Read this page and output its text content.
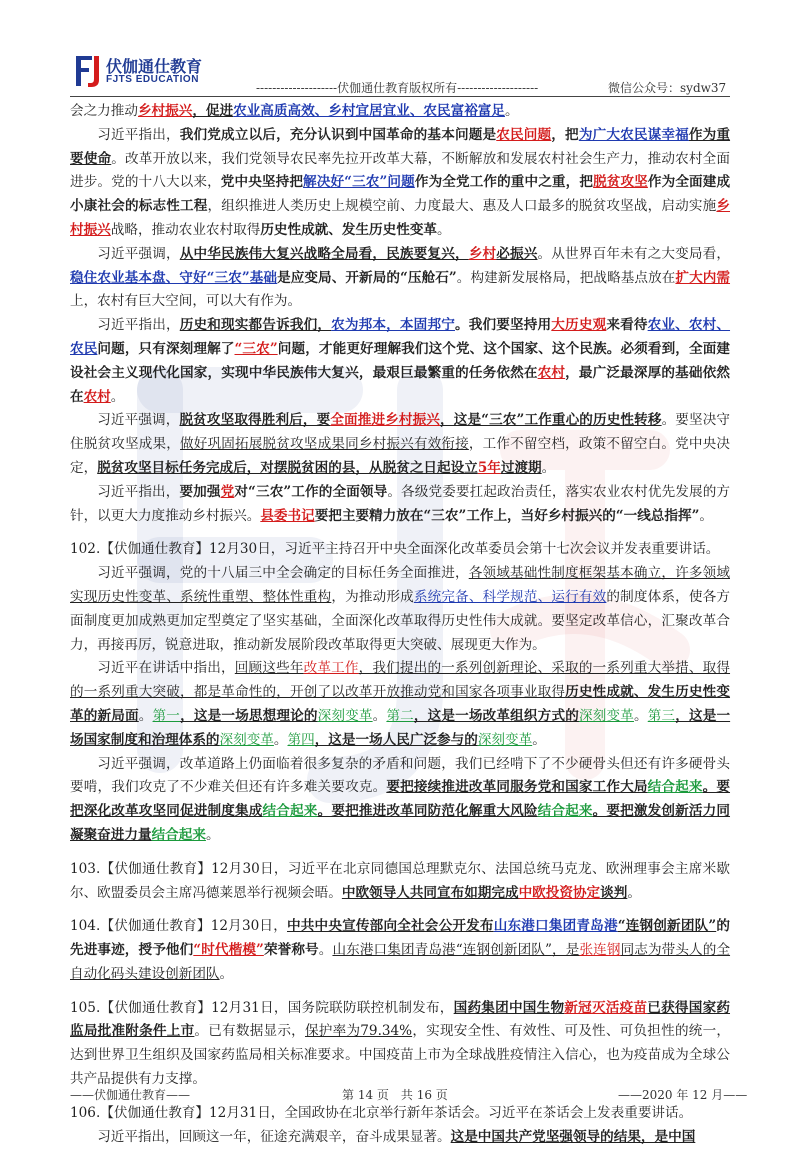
伏伽通仕教育
FJTS EDUCATION
--------------------伏伽通仕教育版权所有--------------------	微信公众号：sydw37

会之力推动乡村振兴，促进农业高质高效、乡村宜居宜业、农民富裕富足。

习近平指出，我们党成立以后，充分认识到中国革命的基本问题是农民问题，把为广大农民谋幸福作为重要使命。改革开放以来，我们党领导农民率先拉开改革大幕，不断解放和发展农村社会生产力，推动农村全面进步。党的十八大以来，党中央坚持把解决好“三农”问题作为全党工作的重中之重，把脱贫攻坚作为全面建成小康社会的标志性工程，组织推进人类历史上规模空前、力度最大、惠及人口最多的脱贫攻坚战，启动实施乡村振兴战略，推动农业农村取得历史性成就、发生历史性变革。

习近平强调，从中华民族伟大复兴战略全局看，民族要复兴，乡村必振兴。从世界百年未有之大变局看，稳住农业基本盘、守好“三农”基础是应变局、开新局的“压舱石”。构建新发展格局，把战略基点放在扩大内需上，农村有巨大空间，可以大有作为。

习近平指出，历史和现实都告诉我们，农为邦本，本固邦宁。我们要坚持用大历史观来看待农业、农村、农民问题，只有深刻理解了“三农”问题，才能更好理解我们这个党、这个国家、这个民族。必须看到，全面建设社会主义现代化国家，实现中华民族伟大复兴，最艰巨最繁重的任务依然在农村，最广泛最深厚的基础依然在农村。

习近平强调，脱贫攻坚取得胜利后，要全面推进乡村振兴，这是“三农”工作重心的历史性转移。要坚决守住脱贫攻坚成果，做好巩固拓展脱贫攻坚成果同乡村振兴有效衔接，工作不留空档，政策不留空白。党中央决定，脱贫攻坚目标任务完成后，对摆脱贫困的县，从脱贫之日起设立5年过渡期。

习近平指出，要加强党对“三农”工作的全面领导。各级党委要扛起政治责任，落实农业农村优先发展的方针，以更大力度推动乡村振兴。县委书记要把主要精力放在“三农”工作上，当好乡村振兴的“一线总指挥”。

102.【伏伽通仕教育】12月30日，习近平主持召开中央全面深化改革委员会第十七次会议并发表重要讲话。

习近平强调，党的十八届三中全会确定的目标任务全面推进，各领域基础性制度框架基本确立，许多领域实现历史性变革、系统性重塑、整体性重构，为推动形成系统完备、科学规范、运行有效的制度体系，使各方面制度更加成熟更加定型奠定了坚实基础，全面深化改革取得历史性伟大成就。要坚定改革信心，汇聚改革合力，再接再厉，锐意进取，推动新发展阶段改革取得更大突破、展现更大作为。

习近平在讲话中指出，回顾这些年改革工作，我们提出的一系列创新理论、采取的一系列重大举措、取得的一系列重大突破，都是革命性的，开创了以改革开放推动党和国家各项事业取得历史性成就、发生历史性变革的新局面。第一，这是一场思想理论的深刻变革。第二，这是一场改革组织方式的深刻变革。第三，这是一场国家制度和治理体系的深刻变革。第四，这是一场人民广泛参与的深刻变革。

习近平强调，改革道路上仍面临着很多复杂的矛盾和问题，我们已经啃下了不少硬骨头但还有许多硬骨头要啃，我们攻克了不少难关但还有许多难关要攻克。要把接续推进改革同服务党和国家工作大局结合起来。要把深化改革攻坚同促进制度集成结合起来。要把推进改革同防范化解重大风险结合起来。要把激发创新活力同凝聚奋进力量结合起来。

103.【伏伽通仕教育】12月30日，习近平在北京同德国总理默克尔、法国总统马克龙、欧洲理事会主席米歇尔、欧盟委员会主席冯德莱恩举行视频会晤。中欧领导人共同宣布如期完成中欧投资协定谈判。

104.【伏伽通仕教育】12月30日，中共中央宣传部向全社会公开发布山东港口集团青岛港“连钢创新团队”的先进事迹，授予他们“时代楷模”荣誉称号。山东港口集团青岛港“连钢创新团队”，是张连钢同志为带头人的全自动化码头建设创新团队。

105.【伏伽通仕教育】12月31日，国务院联防联控机制发布，国药集团中国生物新冠灭活疫苗已获得国家药监局批准附条件上市。已有数据显示，保护率为79.34%，实现安全性、有效性、可及性、可负担性的统一，达到世界卫生组织及国家药监局相关标准要求。中国疫苗上市为全球战胜疫情注入信心，也为疫苗成为全球公共产品提供有力支撑。

106.【伏伽通仕教育】12月31日，全国政协在北京举行新年茶话会。习近平在茶话会上发表重要讲话。

习近平指出，回顾这一年，征途充满艰辛，奋斗成果显著。这是中国共产党坚强领导的结果，是中国

——伏伽通仕教育——	第 14 页　共 16 页	——2020 年 12 月——
